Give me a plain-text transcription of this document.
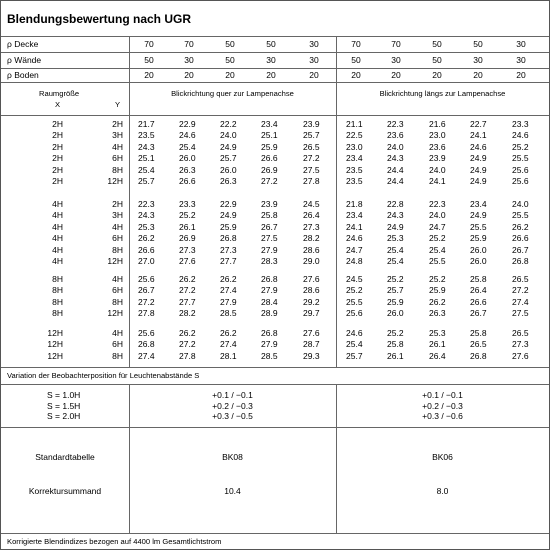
Blendungsbewertung nach UGR
ρ Decke	70	70	50	50	30	70	70	50	50	30
ρ Wände	50	30	50	30	30	50	30	50	30	30
ρ Boden	20	20	20	20	20	20	20	20	20	20
Raumgröße
X	Y
Blickrichtung quer zur Lampenachse	Blickrichtung längs zur Lampenachse
2H	2H 21.7	22.9	22.2	23.4	23.9	21.1	22.3	21.6	22.7	23.3
2H	3H 23.5	24.6	24.0	25.1	25.7	22.5	23.6	23.0	24.1	24.6
2H	4H 24.3	25.4	24.9	25.9	26.5	23.0	24.0	23.6	24.6	25.2
2H	6H 25.1	26.0	25.7	26.6	27.2	23.4	24.3	23.9	24.9	25.5
2H	8H 25.4	26.3	26.0	26.9	27.5	23.5	24.4	24.0	24.9	25.6
2H	12H 25.7	26.6	26.3	27.2	27.8	23.5	24.4	24.1	24.9	25.6
4H	2H 22.3	23.3	22.9	23.9	24.5	21.8	22.8	22.3	23.4	24.0
4H	3H 24.3	25.2	24.9	25.8	26.4	23.4	24.3	24.0	24.9	25.5
4H	4H 25.3	26.1	25.9	26.7	27.3	24.1	24.9	24.7	25.5	26.2
4H	6H 26.2	26.9	26.8	27.5	28.2	24.6	25.3	25.2	25.9	26.6
4H	8H 26.6	27.3	27.3	27.9	28.6	24.7	25.4	25.4	26.0	26.7
4H	12H 27.0	27.6	27.7	28.3	29.0	24.8	25.4	25.5	26.0	26.8
8H	4H 25.6	26.2	26.2	26.8	27.6	24.5	25.2	25.2	25.8	26.5
8H	6H 26.7	27.2	27.4	27.9	28.6	25.2	25.7	25.9	26.4	27.2
8H	8H 27.2	27.7	27.9	28.4	29.2	25.5	25.9	26.2	26.6	27.4
8H	12H 27.8	28.2	28.5	28.9	29.7	25.6	26.0	26.3	26.7	27.5
12H	4H 25.6	26.2	26.2	26.8	27.6	24.6	25.2	25.3	25.8	26.5
12H	6H 26.8	27.2	27.4	27.9	28.7	25.4	25.8	26.1	26.5	27.3
12H	8H 27.4	27.8	28.1	28.5	29.3	25.7	26.1	26.4	26.8	27.6
Variation der Beobachterposition für Leuchtenabstände S
S = 1.0H	+0.1 / −0.1	+0.1 / −0.1
S = 1.5H	+0.2 / −0.3	+0.2 / −0.3
S = 2.0H	+0.3 / −0.5	+0.3 / −0.6
Standardtabelle	BK08	BK06
Korrektursummand	10.4	8.0
Korrigierte Blendindizes bezogen auf 4400 lm Gesamtlichtstrom
